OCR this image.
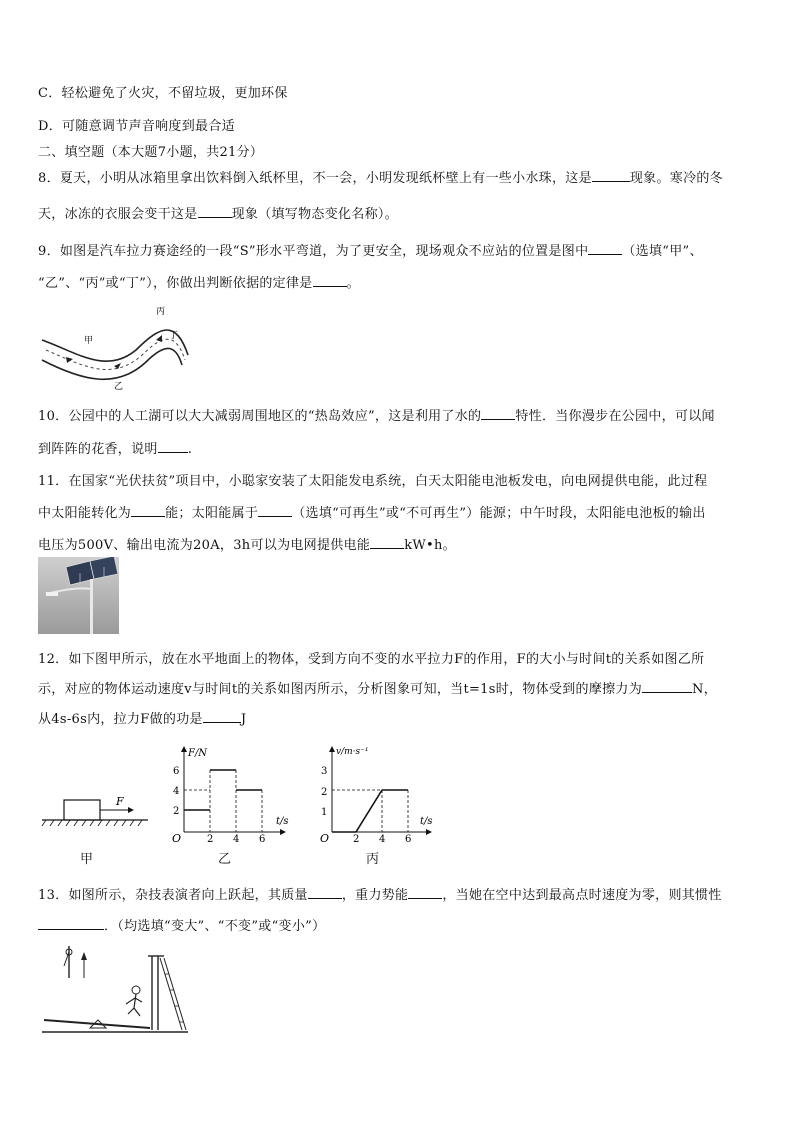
C．轻松避免了火灾，不留垃圾，更加环保
D．可随意调节声音响度到最合适
二、填空题（本大题7小题，共21分）
8．夏天，小明从冰箱里拿出饮料倒入纸杯里，不一会，小明发现纸杯壁上有一些小水珠，这是	现象。寒冷的冬
天，冰冻的衣服会变干这是	现象（填写物态变化名称）。
9．如图是汽车拉力赛途经的一段“S”形水平弯道，为了更安全，现场观众不应站的位置是图中	（选填“甲”、
“乙”、“丙”或“丁”），你做出判断依据的定律是	。
甲
乙
丙
丁
10．公园中的人工湖可以大大减弱周围地区的“热岛效应”，这是利用了水的	特性．当你漫步在公园中，可以闻
到阵阵的花香，说明 .
11．在国家“光伏扶贫”项目中，小聪家安装了太阳能发电系统，白天太阳能电池板发电，向电网提供电能，此过程
中太阳能转化为	能；太阳能属于	（选填“可再生”或“不可再生”）能源；中午时段，太阳能电池板的输出
电压为500V、输出电流为20A，3h可以为电网提供电能	kW•h。
12．如下图甲所示，放在水平地面上的物体，受到方向不变的水平拉力F的作用，F的大小与时间t的关系如图乙所
示，对应的物体运动速度v与时间t的关系如图丙所示，分析图象可知，当t=1s时，物体受到的摩擦力为	N，
从4s-6s内，拉力F做的功是	J
F
甲
F/N
t/s
O
2
4
6
2 4 6
乙
v/m·s⁻¹
t/s
O
1
2
3
2 4 6
丙
13．如图所示，杂技表演者向上跃起，其质量	，重力势能	，当她在空中达到最高点时速度为零，则其惯性
．（均选填“变大”、“不变”或“变小”）
